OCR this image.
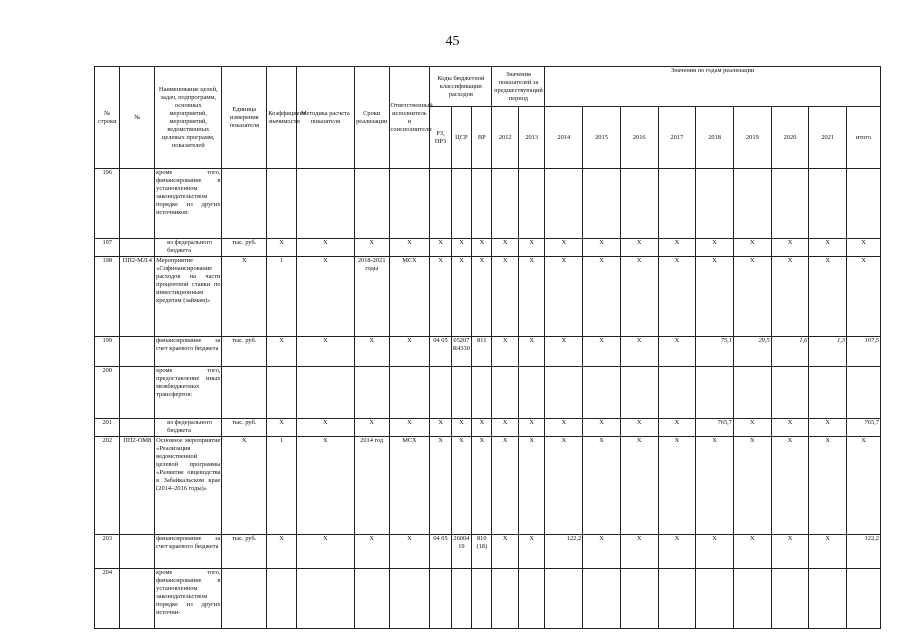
45
№ строки	№	Наименование целей, задач, подпрограмм, основных мероприятий, мероприятий, ведомственных целевых программ, показателей	Единица измерения показателя	Коэффициент значимости	Методика расчета показателя	Сроки реализации	Ответственный исполнитель и соисполнители	Коды бюджетной классификации расходов			Значения показателей за предшествующий период		Значения по годам реализации								
								РЗ, ПР3	ЦСР	ВР	2012	2013	2014	2015	2016	2017	2018	2019	2020	2021	итого

196		кроме того, финансирование в установленном законодательством порядке из других источников:																			
197		из федерального бюджета	тыс. руб.	X	X	X	X	X	X	X	X	X	X	X	X	X	X	X	X	X	X
198	ПП2-МЛ.4	Мероприятие «Софинансирование расходов на части процентной ставки по инвестиционным кредитам (займам)»	X	1	X	2018-2021 годы	МСХ	X	X	X	X	X	X	X	X	X	X	X	X	X	X
199		финансирование за счет краевого бюджета	тыс. руб.	X	X	X	X	04 05	05207 R4330	811	X	X	X	X	X	X	75,1	29,5	1,6	1,3	107,5
200		кроме того, предоставление иных межбюджетных трансфертов:																			
201		из федерального бюджета	тыс. руб.	X	X	X	X	X	X	X	X	X	X	X	X	X	765,7	X	X	X	765,7
202	ПП2-ОМ8	Основное мероприятие «Реализация ведомственной целевой программы «Развитие овцеводства в Забайкальском крае (2014–2016 годы)»	X	1	X	2014 год	МСХ	X	X	X	X	X	X	X	X	X	X	X	X	X	X
203		финансирование за счет краевого бюджета	тыс. руб.	X	X	X	X	04 05	26004 19	810 (18)	X	X	122,2	X	X	X	X	X	X	X	122,2
204		кроме того, финансирование в установленном законодательством порядке из других источни-																			
